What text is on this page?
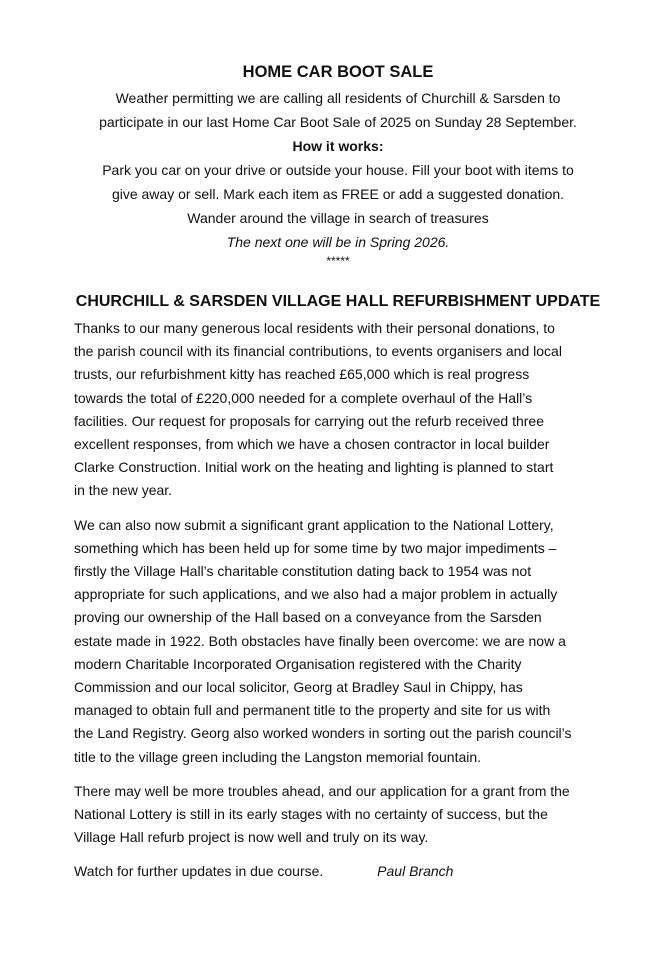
HOME CAR BOOT SALE
Weather permitting we are calling all residents of Churchill & Sarsden to
participate in our last Home Car Boot Sale of 2025 on Sunday 28 September.
How it works:
Park you car on your drive or outside your house. Fill your boot with items to
give away or sell. Mark each item as FREE or add a suggested donation.
Wander around the village in search of treasures
The next one will be in Spring 2026.
*****
CHURCHILL & SARSDEN VILLAGE HALL REFURBISHMENT UPDATE
Thanks to our many generous local residents with their personal donations, to
the parish council with its financial contributions, to events organisers and local
trusts, our refurbishment kitty has reached £65,000 which is real progress
towards the total of £220,000 needed for a complete overhaul of the Hall’s
facilities. Our request for proposals for carrying out the refurb received three
excellent responses, from which we have a chosen contractor in local builder
Clarke Construction. Initial work on the heating and lighting is planned to start
in the new year.
We can also now submit a significant grant application to the National Lottery,
something which has been held up for some time by two major impediments –
firstly the Village Hall’s charitable constitution dating back to 1954 was not
appropriate for such applications, and we also had a major problem in actually
proving our ownership of the Hall based on a conveyance from the Sarsden
estate made in 1922. Both obstacles have finally been overcome: we are now a
modern Charitable Incorporated Organisation registered with the Charity
Commission and our local solicitor, Georg at Bradley Saul in Chippy, has
managed to obtain full and permanent title to the property and site for us with
the Land Registry. Georg also worked wonders in sorting out the parish council’s
title to the village green including the Langston memorial fountain.
There may well be more troubles ahead, and our application for a grant from the
National Lottery is still in its early stages with no certainty of success, but the
Village Hall refurb project is now well and truly on its way.
Watch for further updates in due course.	Paul Branch
